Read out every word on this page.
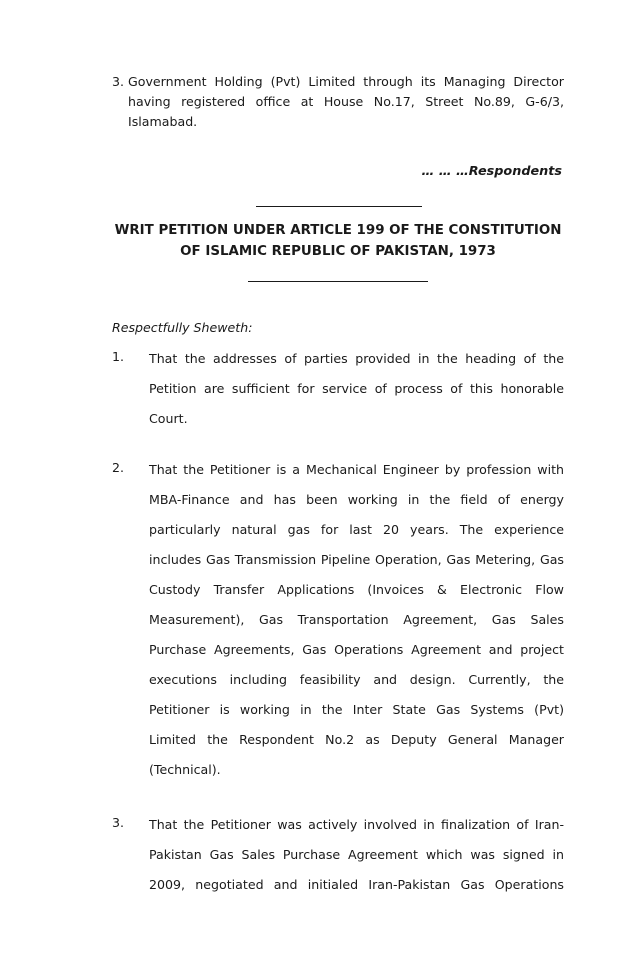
3. Government Holding (Pvt) Limited through its Managing Director
having registered office at House No.17, Street No.89, G-6/3,
Islamabad.
… … …Respondents
WRIT PETITION UNDER ARTICLE 199 OF THE CONSTITUTION
OF ISLAMIC REPUBLIC OF PAKISTAN, 1973
Respectfully Sheweth:
1. That the addresses of parties provided in the heading of the
Petition are sufficient for service of process of this honorable
Court.
2. That the Petitioner is a Mechanical Engineer by profession with
MBA-Finance and has been working in the field of energy
particularly natural gas for last 20 years. The experience
includes Gas Transmission Pipeline Operation, Gas Metering, Gas
Custody Transfer Applications (Invoices & Electronic Flow
Measurement), Gas Transportation Agreement, Gas Sales
Purchase Agreements, Gas Operations Agreement and project
executions including feasibility and design. Currently, the
Petitioner is working in the Inter State Gas Systems (Pvt)
Limited the Respondent No.2 as Deputy General Manager
(Technical).
3. That the Petitioner was actively involved in finalization of Iran-
Pakistan Gas Sales Purchase Agreement which was signed in
2009, negotiated and initialed Iran-Pakistan Gas Operations
